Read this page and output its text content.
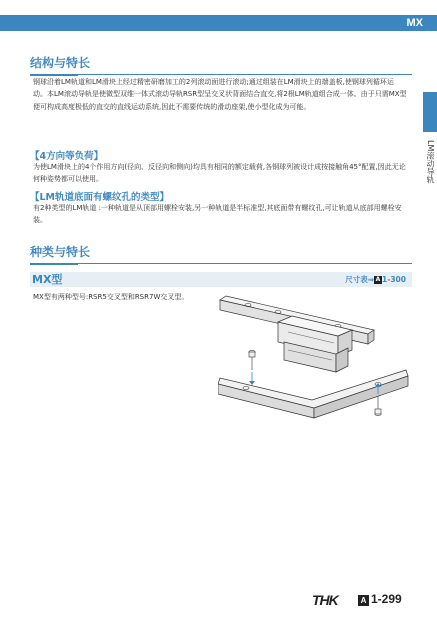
MX
LM滚动导轨
结构与特长
钢球沿着LM轨道和LM滑块上经过精密研磨加工的2列滚动面进行滚动;通过组装在LM滑块上的端盖板,使钢球列循环运动。本LM滚动导轨是使微型双维一体式滚动导轨RSR型呈交叉状背面结合直交,将2根LM轨道组合成一体。由于只需MX型便可构成高度极低的直交的直线运动系统,因此不需要传统的滑动座架,使小型化成为可能。
【4方向等负荷】
为使LM滑块上的4个作用方向(径向、反径向和侧向)均具有相同的额定载荷,各钢球列被设计成按接触角45°配置,因此无论何种姿势都可以使用。
【LM轨道底面有螺纹孔的类型】
有2种类型的LM轨道 :一种轨道是从顶部用螺栓安装,另一种轨道是半标准型,其底面带有螺纹孔,可让轨道从底部用螺栓安装。
种类与特长
MX型	尺寸表⇒ A 1-300
MX型有两种型号:RSR5交叉型和RSR7W交叉型。
THK	A 1-299
